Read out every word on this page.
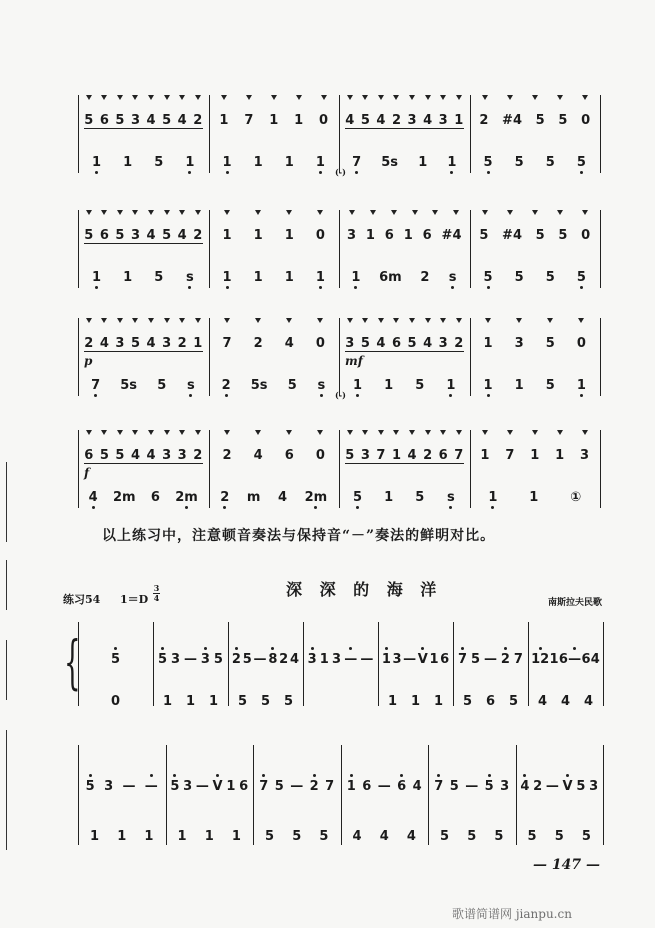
以上练习中，注意顿音奏法与保持音“－”奏法的鲜明对比。
深 深 的 海 洋
练习54 1＝D
3
4	南斯拉夫民歌
{
— 147 —
歌谱简谱网 jianpu.cn
5 6 5 3 4 5 4 2 1 7 1 1 0 4 5 4 2 3 4 3 1 2 #4 5 5 0
1 1 5 1 1 1 1 1 7 5s 1 1 5 5 5 5
(-)
5 6 5 3 4 5 4 2 1 1 1 0 3 1 6 1 6 #4 5 #4 5 5 0
1 1 5 s 1 1 1 1 1 6m 2 s 5 5 5 5
2 4 3 5 4 3 2 1 7 2 4 0 3 5 4 6 5 4 3 2 1 3 5 0
7 5s 5 s 2 5s 5 s 1 1 5 1 1 1 5 1
p	mf
(-)
6 5 5 4 4 3 3 2 2 4 6 0 5 3 7 1 4 2 6 7 1 7 1 1 3
4 2m 6 2m 2 m 4 2m 5 1 5 s	1 1 ①
f
5	5 3 — 3 5 2 5 — 8 2 4 3 1 3 — — 1 3 — V 1 6 7 5 — 2 7 12 1 6 — 6 4
0	1 1 1 5 5 5	1 1 1 5 6 5 4 4 4
5 3 — — 5 3 — V 1 6 7 5 — 2 7 1 6 — 6 4 7 5 — 5 3 4 2 — V 5 3
1 1 1 1 1 1 5 5 5 4 4 4 5 5 5 5 5 5
